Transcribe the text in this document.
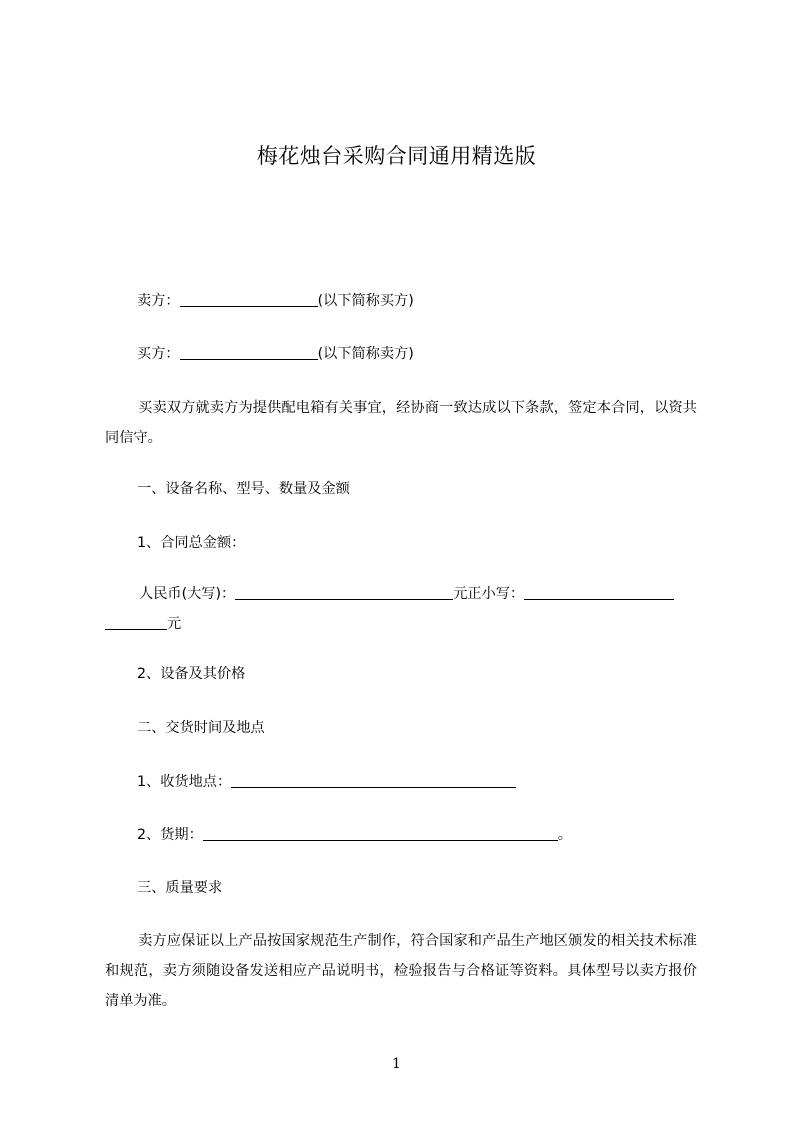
梅花烛台采购合同通用精选版
卖方：	(以下简称买方)
买方：	(以下简称卖方)
买卖双方就卖方为提供配电箱有关事宜，经协商一致达成以下条款，签定本合同，以资共同信守。
一、设备名称、型号、数量及金额
1、合同总金额：
人民币(大写)：	元正小写：
元
2、设备及其价格
二、交货时间及地点
1、收货地点：
2、货期：	。
三、质量要求
卖方应保证以上产品按国家规范生产制作，符合国家和产品生产地区颁发的相关技术标准和规范，卖方须随设备发送相应产品说明书，检验报告与合格证等资料。具体型号以卖方报价清单为准。
1
